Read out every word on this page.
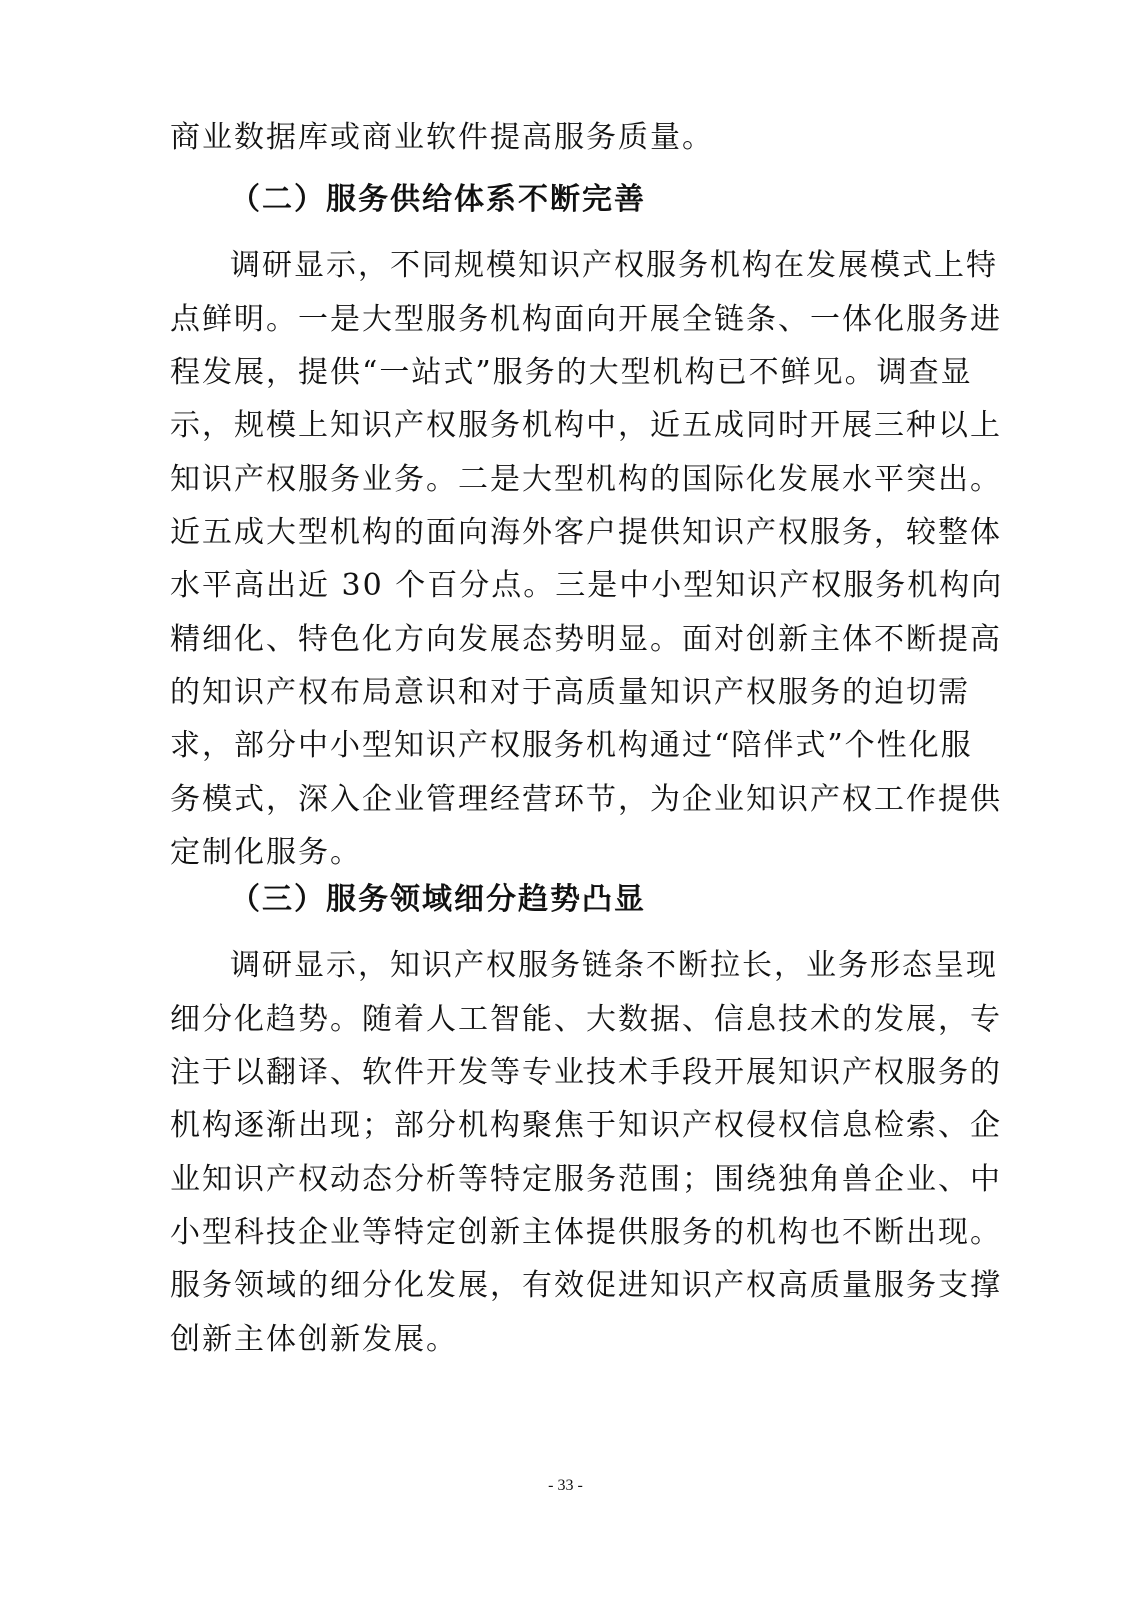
商业数据库或商业软件提高服务质量。
（二）服务供给体系不断完善
调研显示，不同规模知识产权服务机构在发展模式上特
点鲜明。一是大型服务机构面向开展全链条、一体化服务进
程发展，提供“一站式”服务的大型机构已不鲜见。调查显
示，规模上知识产权服务机构中，近五成同时开展三种以上
知识产权服务业务。二是大型机构的国际化发展水平突出。
近五成大型机构的面向海外客户提供知识产权服务，较整体
水平高出近 30 个百分点。三是中小型知识产权服务机构向
精细化、特色化方向发展态势明显。面对创新主体不断提高
的知识产权布局意识和对于高质量知识产权服务的迫切需
求，部分中小型知识产权服务机构通过“陪伴式”个性化服
务模式，深入企业管理经营环节，为企业知识产权工作提供
定制化服务。
（三）服务领域细分趋势凸显
调研显示，知识产权服务链条不断拉长，业务形态呈现
细分化趋势。随着人工智能、大数据、信息技术的发展，专
注于以翻译、软件开发等专业技术手段开展知识产权服务的
机构逐渐出现；部分机构聚焦于知识产权侵权信息检索、企
业知识产权动态分析等特定服务范围；围绕独角兽企业、中
小型科技企业等特定创新主体提供服务的机构也不断出现。
服务领域的细分化发展，有效促进知识产权高质量服务支撑
创新主体创新发展。
- 33 -
